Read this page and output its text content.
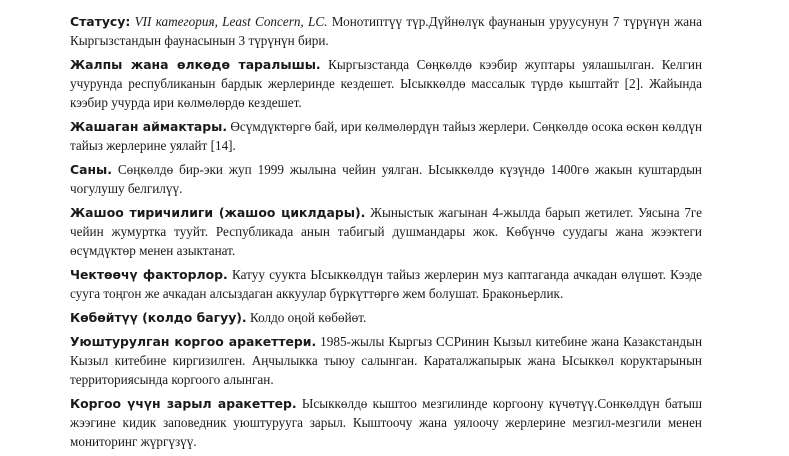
Статусу: VII категория, Least Concern, LC. Монотиптүү түр.Дүйнөлүк фаунанын уруусунун 7 түрүнүн жана Кыргызстандын фаунасынын 3 түрүнүн бири.

Жалпы жана өлкөдө таралышы. Кыргызстанда Сөңкөлдө кээбир жуптары уялашылган. Келгин учурунда республиканын бардык жерлеринде кездешет. Ысыккөлдө массалык түрдө кыштайт [2]. Жайында кээбир учурда ири көлмөлөрдө кездешет.

Жашаган аймактары. Өсүмдүктөргө бай, ири көлмөлөрдүн тайыз жерлери. Сөңкөлдө осока өскөн көлдүн тайыз жерлерине уялайт [14].

Саны. Сөңкөлдө бир-эки жуп 1999 жылына чейин уялган. Ысыккөлдө күзүндө 1400гө жакын куштардын чогулушу белгилүү.

Жашоо тиричилиги (жашоо циклдары). Жыныстык жагынан 4-жылда барып жетилет. Уясына 7ге чейин жумуртка тууйт. Республикада анын табигый душмандары жок. Көбүнчө суудагы жана жээктеги өсүмдүктөр менен азыктанат.

Чектөөчү факторлор. Катуу суукта Ысыккөлдүн тайыз жерлерин муз каптаганда ачкадан өлүшөт. Кээде сууга тоңгон же ачкадан алсыздаган аккуулар бүркүттөргө жем болушат. Браконьерлик.

Көбөйтүү (колдо багуу). Колдо оңой көбөйөт.

Уюштурулган коргоо аракеттери. 1985-жылы Кыргыз ССРинин Кызыл китебине жана Казакстандын Кызыл китебине киргизилген. Аңчылыкка тыюу салынган. Караталжапырык жана Ысыккөл коруктарынын территориясында коргоого алынган.

Коргоо үчүн зарыл аракеттер. Ысыккөлдө кыштоо мезгилинде коргоону күчөтүү.Сонкөлдүн батыш жээгине кидик заповедник уюштурууга зарыл. Кыштоочу жана уялоочу жерлерине мезгил-мезгили менен мониторинг жүргүзүү.
